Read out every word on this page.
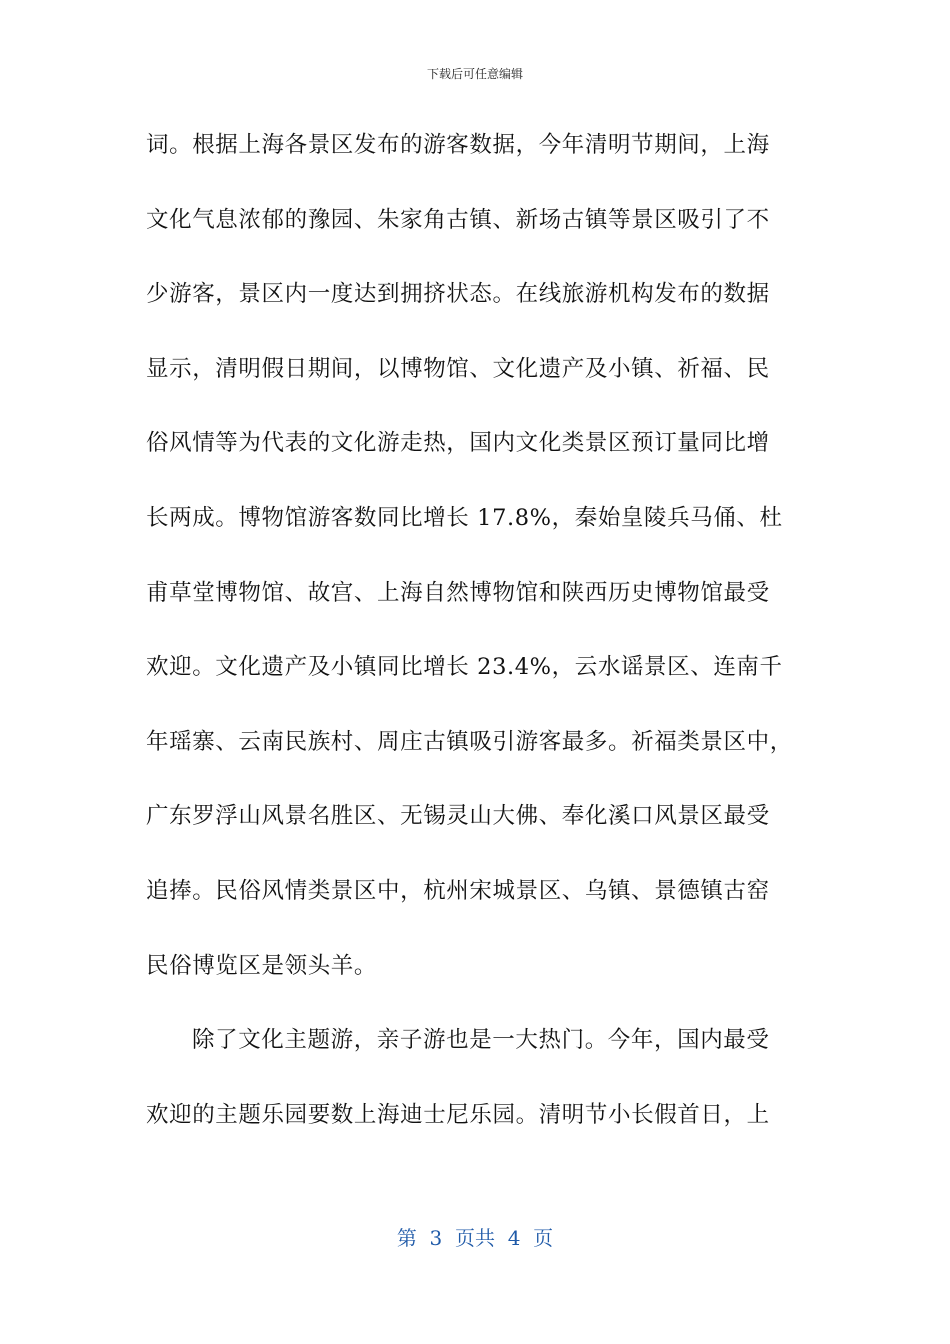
下载后可任意编辑
词。根据上海各景区发布的游客数据，今年清明节期间，上海
文化气息浓郁的豫园、朱家角古镇、新场古镇等景区吸引了不
少游客，景区内一度达到拥挤状态。在线旅游机构发布的数据
显示，清明假日期间，以博物馆、文化遗产及小镇、祈福、民
俗风情等为代表的文化游走热，国内文化类景区预订量同比增
长两成。博物馆游客数同比增长 17.8%，秦始皇陵兵马俑、杜
甫草堂博物馆、故宫、上海自然博物馆和陕西历史博物馆最受
欢迎。文化遗产及小镇同比增长 23.4%，云水谣景区、连南千
年瑶寨、云南民族村、周庄古镇吸引游客最多。祈福类景区中，
广东罗浮山风景名胜区、无锡灵山大佛、奉化溪口风景区最受
追捧。民俗风情类景区中，杭州宋城景区、乌镇、景德镇古窑
民俗博览区是领头羊。
除了文化主题游，亲子游也是一大热门。今年，国内最受
欢迎的主题乐园要数上海迪士尼乐园。清明节小长假首日，上
第  3  页共  4  页
